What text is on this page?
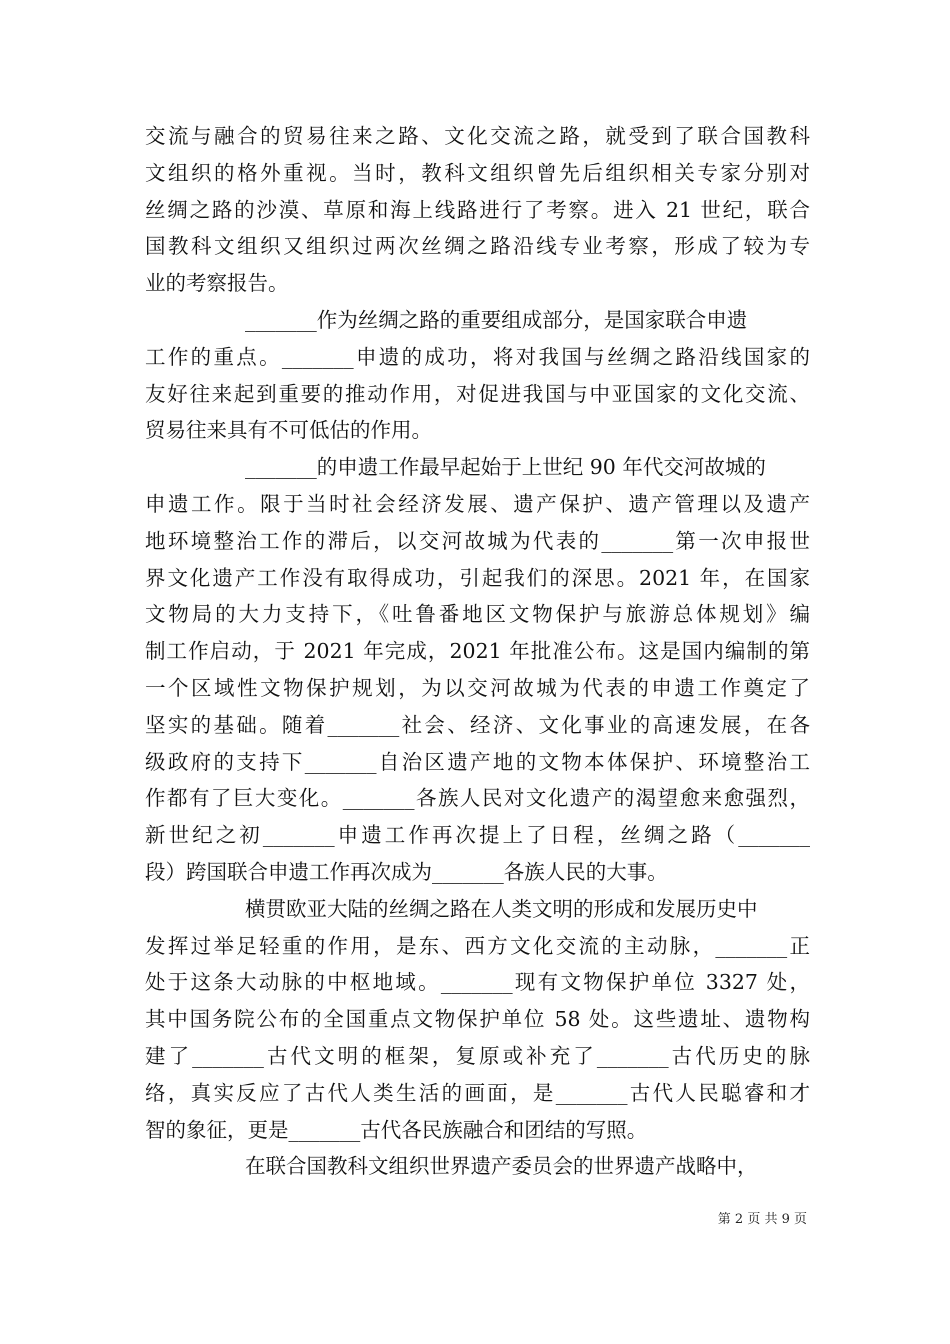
交流与融合的贸易往来之路、文化交流之路，就受到了联合国教科
文组织的格外重视。当时，教科文组织曾先后组织相关专家分别对
丝绸之路的沙漠、草原和海上线路进行了考察。进入 21 世纪，联合
国教科文组织又组织过两次丝绸之路沿线专业考察，形成了较为专
业的考察报告。
_______作为丝绸之路的重要组成部分，是国家联合申遗
工作的重点。_______申遗的成功，将对我国与丝绸之路沿线国家的
友好往来起到重要的推动作用，对促进我国与中亚国家的文化交流、
贸易往来具有不可低估的作用。
_______的申遗工作最早起始于上世纪 90 年代交河故城的
申遗工作。限于当时社会经济发展、遗产保护、遗产管理以及遗产
地环境整治工作的滞后，以交河故城为代表的_______第一次申报世
界文化遗产工作没有取得成功，引起我们的深思。2021 年，在国家
文物局的大力支持下，《吐鲁番地区文物保护与旅游总体规划》编
制工作启动，于 2021 年完成，2021 年批准公布。这是国内编制的第
一个区域性文物保护规划，为以交河故城为代表的申遗工作奠定了
坚实的基础。随着_______社会、经济、文化事业的高速发展，在各
级政府的支持下_______自治区遗产地的文物本体保护、环境整治工
作都有了巨大变化。_______各族人民对文化遗产的渴望愈来愈强烈，
新世纪之初_______申遗工作再次提上了日程，丝绸之路（_______
段）跨国联合申遗工作再次成为_______各族人民的大事。
横贯欧亚大陆的丝绸之路在人类文明的形成和发展历史中
发挥过举足轻重的作用，是东、西方文化交流的主动脉，_______正
处于这条大动脉的中枢地域。_______现有文物保护单位 3327 处，
其中国务院公布的全国重点文物保护单位 58 处。这些遗址、遗物构
建了_______古代文明的框架，复原或补充了_______古代历史的脉
络，真实反应了古代人类生活的画面，是_______古代人民聪睿和才
智的象征，更是_______古代各民族融合和团结的写照。
在联合国教科文组织世界遗产委员会的世界遗产战略中，
第 2 页 共 9 页
